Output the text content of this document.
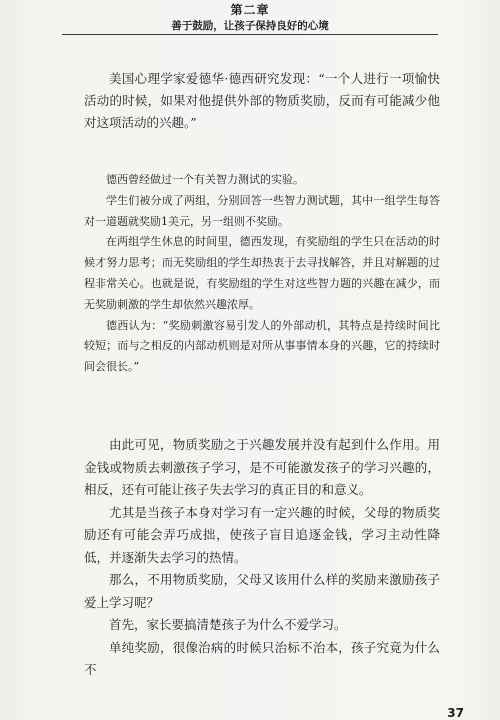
第二章
善于鼓励，让孩子保持良好的心境

美国心理学家爱德华·德西研究发现：“一个人进行一项愉快活动的时候，如果对他提供外部的物质奖励，反而有可能减少他对这项活动的兴趣。”

德西曾经做过一个有关智力测试的实验。

学生们被分成了两组，分别回答一些智力测试题，其中一组学生每答对一道题就奖励1美元，另一组则不奖励。

在两组学生休息的时间里，德西发现，有奖励组的学生只在活动的时候才努力思考；而无奖励组的学生却热衷于去寻找解答，并且对解题的过程非常关心。也就是说，有奖励组的学生对这些智力题的兴趣在减少，而无奖励刺激的学生却依然兴趣浓厚。

德西认为：“奖励刺激容易引发人的外部动机，其特点是持续时间比较短；而与之相反的内部动机则是对所从事事情本身的兴趣，它的持续时间会很长。”

由此可见，物质奖励之于兴趣发展并没有起到什么作用。用金钱或物质去刺激孩子学习，是不可能激发孩子的学习兴趣的，相反，还有可能让孩子失去学习的真正目的和意义。

尤其是当孩子本身对学习有一定兴趣的时候，父母的物质奖励还有可能会弄巧成拙，使孩子盲目追逐金钱，学习主动性降低，并逐渐失去学习的热情。

那么，不用物质奖励，父母又该用什么样的奖励来激励孩子爱上学习呢？

首先，家长要搞清楚孩子为什么不爱学习。

单纯奖励，很像治病的时候只治标不治本，孩子究竟为什么不

37
